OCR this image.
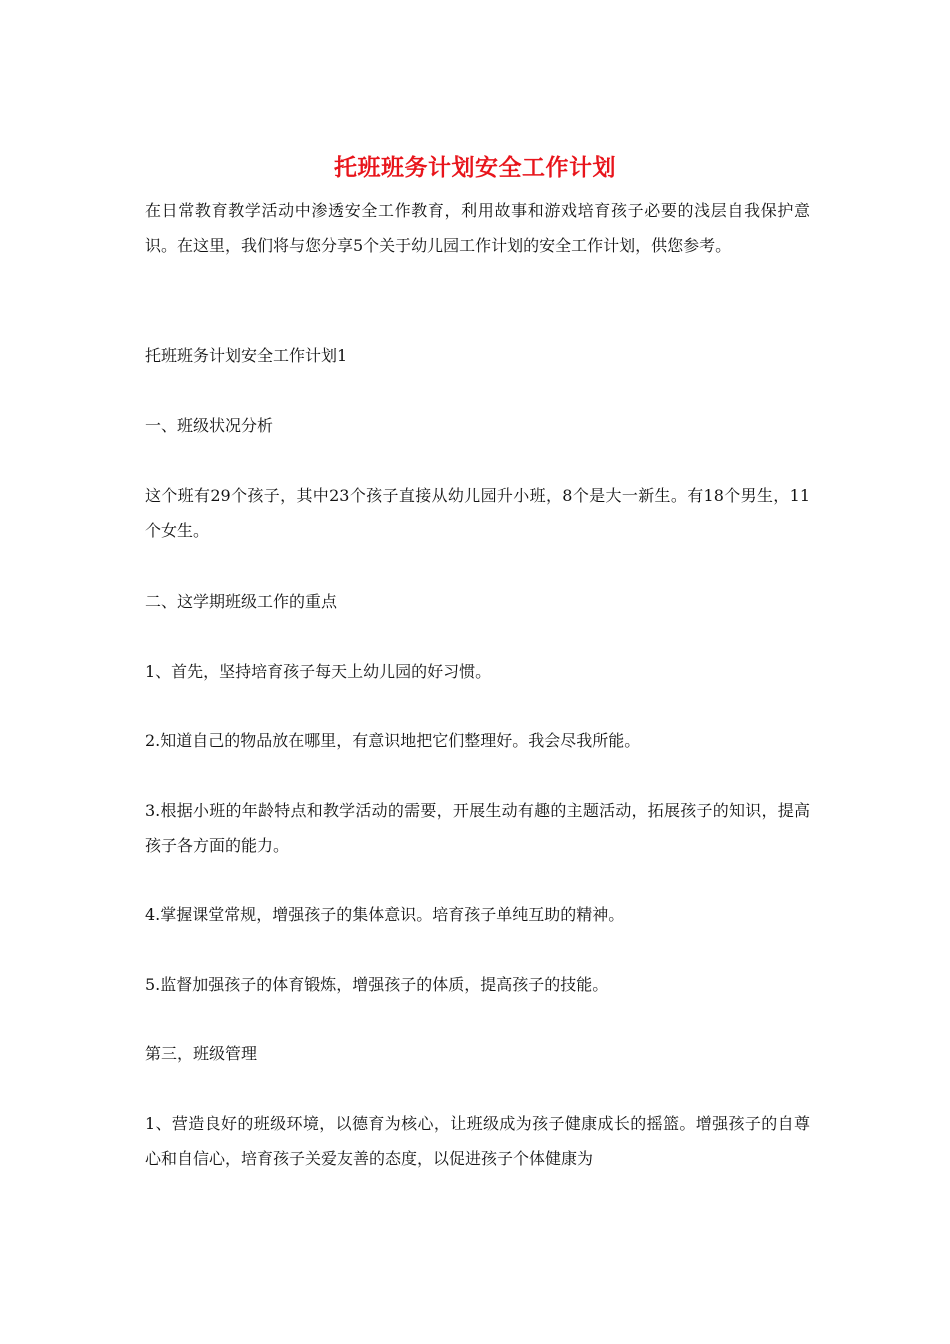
托班班务计划安全工作计划

在日常教育教学活动中渗透安全工作教育，利用故事和游戏培育孩子必要的浅层自我保护意识。在这里，我们将与您分享5个关于幼儿园工作计划的安全工作计划，供您参考。

托班班务计划安全工作计划1

一、班级状况分析

这个班有29个孩子，其中23个孩子直接从幼儿园升小班，8个是大一新生。有18个男生，11个女生。

二、这学期班级工作的重点

1、首先，坚持培育孩子每天上幼儿园的好习惯。

2.知道自己的物品放在哪里，有意识地把它们整理好。我会尽我所能。

3.根据小班的年龄特点和教学活动的需要，开展生动有趣的主题活动，拓展孩子的知识，提高孩子各方面的能力。

4.掌握课堂常规，增强孩子的集体意识。培育孩子单纯互助的精神。

5.监督加强孩子的体育锻炼，增强孩子的体质，提高孩子的技能。

第三，班级管理

1、营造良好的班级环境，以德育为核心，让班级成为孩子健康成长的摇篮。增强孩子的自尊心和自信心，培育孩子关爱友善的态度，以促进孩子个体健康为
